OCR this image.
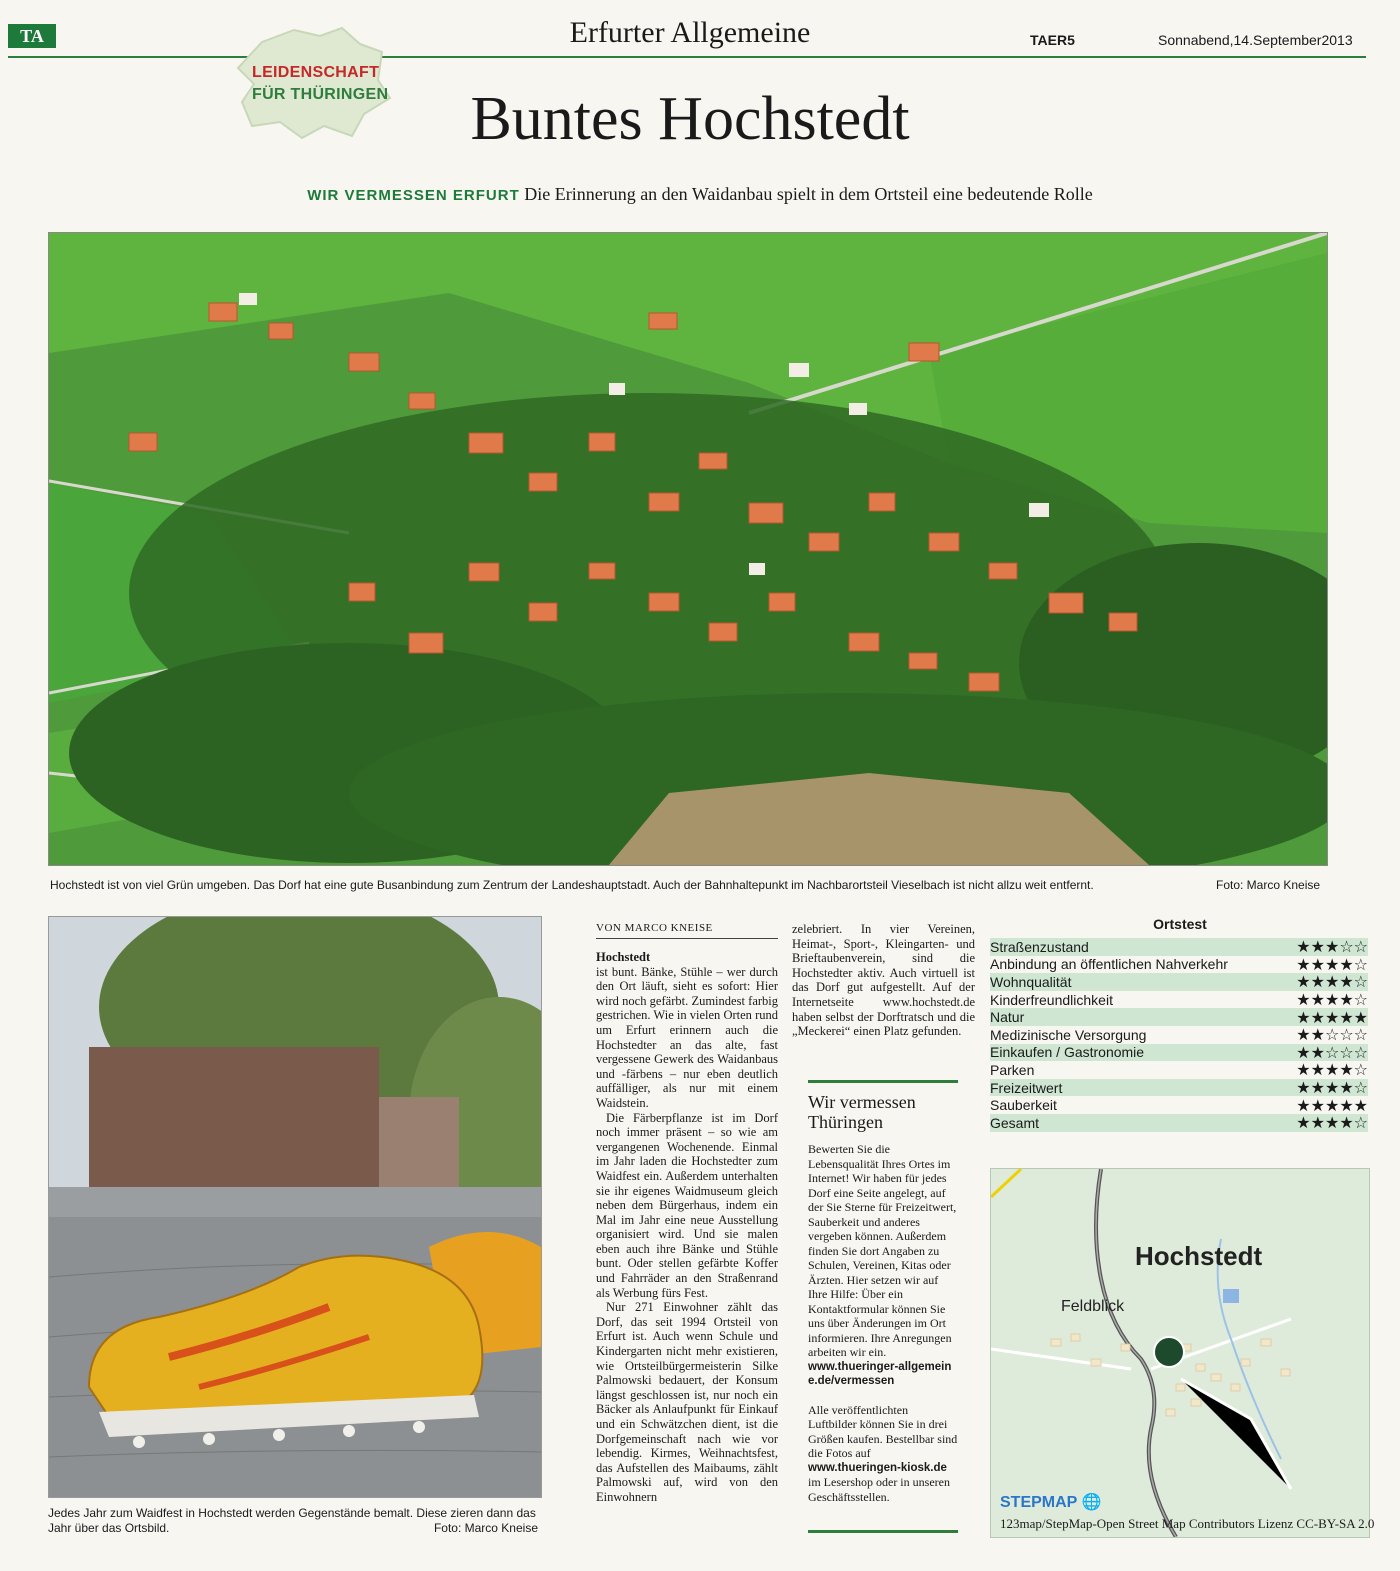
TA	Erfurter Allgemeine	TAER5	Sonnabend,14.September2013
LEIDENSCHAFT
FÜR THÜRINGEN	Buntes Hochstedt
WIR VERMESSEN ERFURT Die Erinnerung an den Waidanbau spielt in dem Ortsteil eine bedeutende Rolle
Hochstedt ist von viel Grün umgeben. Das Dorf hat eine gute Busanbindung zum Zentrum der Landeshauptstadt. Auch der Bahnhaltepunkt im Nachbarortsteil Vieselbach ist nicht allzu weit entfernt.	Foto: Marco Kneise
Jedes Jahr zum Waidfest in Hochstedt werden Gegenstände bemalt. Diese zieren dann das Jahr über das Ortsbild.	Foto: Marco Kneise
VON MARCO KNEISE
Hochstedt

ist bunt. Bänke, Stühle – wer durch den Ort läuft, sieht es sofort: Hier wird noch gefärbt. Zumindest farbig gestrichen. Wie in vielen Orten rund um Erfurt erinnern auch die Hochstedter an das alte, fast vergessene Gewerk des Waidanbaus und -färbens – nur eben deutlich auffälliger, als nur mit einem Waidstein.

Die Färberpflanze ist im Dorf noch immer präsent – so wie am vergangenen Wochenende. Einmal im Jahr laden die Hochstedter zum Waidfest ein. Außerdem unterhalten sie ihr eigenes Waidmuseum gleich neben dem Bürgerhaus, indem ein Mal im Jahr eine neue Ausstellung organisiert wird. Und sie malen eben auch ihre Bänke und Stühle bunt. Oder stellen gefärbte Koffer und Fahrräder an den Straßenrand als Werbung fürs Fest.

Nur 271 Einwohner zählt das Dorf, das seit 1994 Ortsteil von Erfurt ist. Auch wenn Schule und Kindergarten nicht mehr existieren, wie Ortsteilbürgermeisterin Silke Palmowski bedauert, der Konsum längst geschlossen ist, nur noch ein Bäcker als Anlaufpunkt für Einkauf und ein Schwätzchen dient, ist die Dorfgemeinschaft nach wie vor lebendig. Kirmes, Weihnachtsfest, das Aufstellen des Maibaums, zählt Palmowski auf, wird von den Einwohnern

zelebriert. In vier Vereinen, Heimat-, Sport-, Kleingarten- und Brieftaubenverein, sind die Hochstedter aktiv. Auch virtuell ist das Dorf gut aufgestellt. Auf der Internetseite www.hochstedt.de haben selbst der Dorftratsch und die „Meckerei“ einen Platz gefunden.

Wir vermessen Thüringen
Bewerten Sie die Lebensqualität Ihres Ortes im Internet! Wir haben für jedes Dorf eine Seite angelegt, auf der Sie Sterne für Freizeitwert, Sauberkeit und anderes vergeben können. Außerdem finden Sie dort Angaben zu Schulen, Vereinen, Kitas oder Ärzten. Hier setzen wir auf Ihre Hilfe: Über ein Kontaktformular können Sie uns über Änderungen im Ort informieren. Ihre Anregungen arbeiten wir ein.
www.thueringer-allgemeine.de/vermessen
Alle veröffentlichten Luftbilder können Sie in drei Größen kaufen. Bestellbar sind die Fotos auf
www.thueringen-kiosk.de
im Lesershop oder in unseren Geschäftsstellen.
Ortstest
Straßenzustand	★★★☆☆
Anbindung an öffentlichen Nahverkehr	★★★★☆
Wohnqualität	★★★★☆
Kinderfreundlichkeit	★★★★☆
Natur	★★★★★
Medizinische Versorgung	★★☆☆☆
Einkaufen / Gastronomie	★★☆☆☆
Parken	★★★★☆
Freizeitwert	★★★★☆
Sauberkeit	★★★★★
Gesamt	★★★★☆
Hochstedt
Feldblick
STEPMAP 🌐
123map/StepMap-Open Street Map Contributors Lizenz CC-BY-SA 2.0
